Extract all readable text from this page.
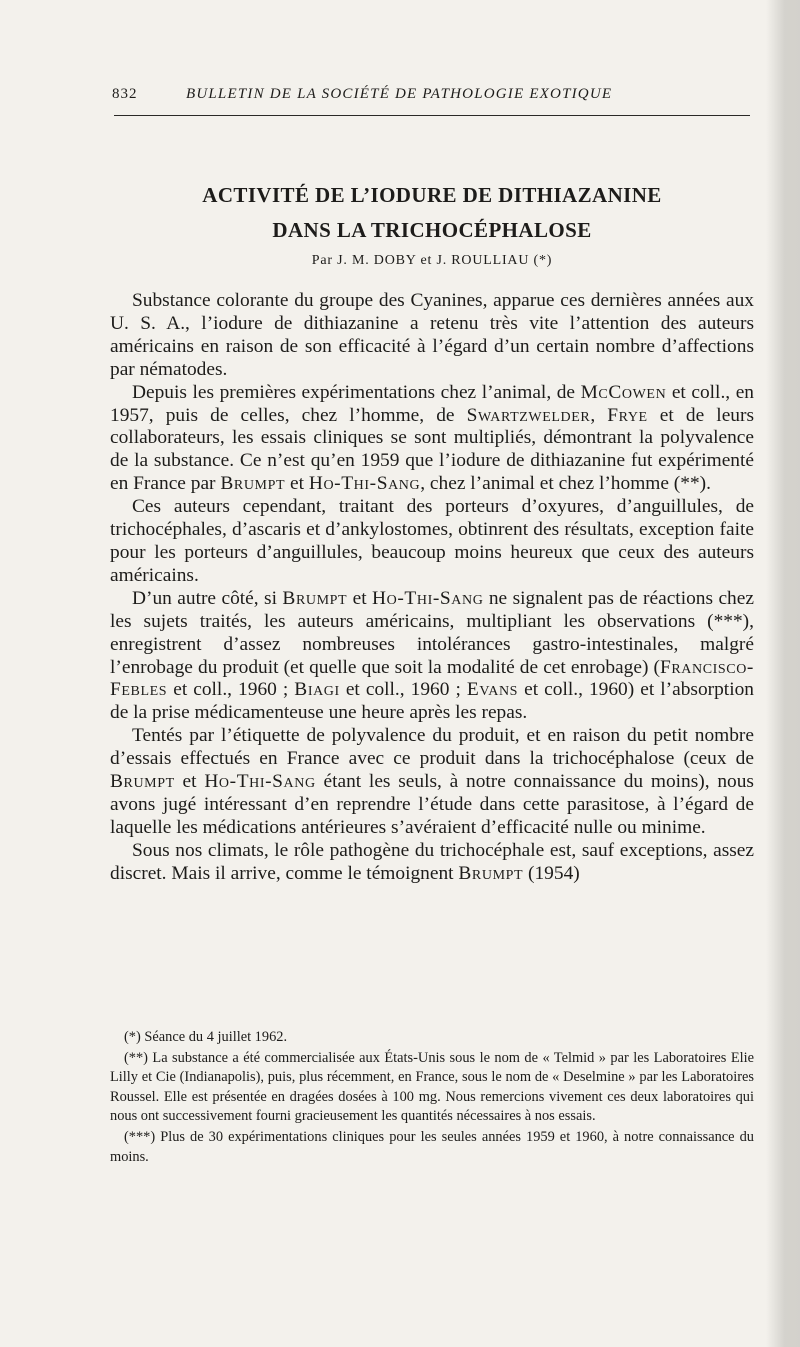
832	BULLETIN DE LA SOCIÉTÉ DE PATHOLOGIE EXOTIQUE
ACTIVITÉ DE L’IODURE DE DITHIAZANINE
DANS LA TRICHOCÉPHALOSE
Par J. M. DOBY et J. ROULLIAU (*)

Substance colorante du groupe des Cyanines, apparue ces dernières années aux U. S. A., l’iodure de dithiazanine a retenu très vite l’attention des auteurs américains en raison de son efficacité à l’égard d’un certain nombre d’affections par nématodes.

Depuis les premières expérimentations chez l’animal, de McCowen et coll., en 1957, puis de celles, chez l’homme, de Swartzwelder, Frye et de leurs collaborateurs, les essais cliniques se sont multipliés, démontrant la polyvalence de la substance. Ce n’est qu’en 1959 que l’iodure de dithiazanine fut expérimenté en France par Brumpt et Ho-Thi-Sang, chez l’animal et chez l’homme (**).

Ces auteurs cependant, traitant des porteurs d’oxyures, d’anguillules, de trichocéphales, d’ascaris et d’ankylostomes, obtinrent des résultats, exception faite pour les porteurs d’anguillules, beaucoup moins heureux que ceux des auteurs américains.

D’un autre côté, si Brumpt et Ho-Thi-Sang ne signalent pas de réactions chez les sujets traités, les auteurs américains, multipliant les observations (***), enregistrent d’assez nombreuses intolérances gastro-intestinales, malgré l’enrobage du produit (et quelle que soit la modalité de cet enrobage) (Francisco-Febles et coll., 1960 ; Biagi et coll., 1960 ; Evans et coll., 1960) et l’absorption de la prise médicamenteuse une heure après les repas.

Tentés par l’étiquette de polyvalence du produit, et en raison du petit nombre d’essais effectués en France avec ce produit dans la trichocéphalose (ceux de Brumpt et Ho-Thi-Sang étant les seuls, à notre connaissance du moins), nous avons jugé intéressant d’en reprendre l’étude dans cette parasitose, à l’égard de laquelle les médications antérieures s’avéraient d’efficacité nulle ou minime.

Sous nos climats, le rôle pathogène du trichocéphale est, sauf exceptions, assez discret. Mais il arrive, comme le témoignent Brumpt (1954)

(*) Séance du 4 juillet 1962.

(**) La substance a été commercialisée aux États-Unis sous le nom de « Telmid » par les Laboratoires Elie Lilly et Cie (Indianapolis), puis, plus récemment, en France, sous le nom de « Deselmine » par les Laboratoires Roussel. Elle est présentée en dragées dosées à 100 mg. Nous remercions vivement ces deux laboratoires qui nous ont successivement fourni gracieusement les quantités nécessaires à nos essais.

(***) Plus de 30 expérimentations cliniques pour les seules années 1959 et 1960, à notre connaissance du moins.
